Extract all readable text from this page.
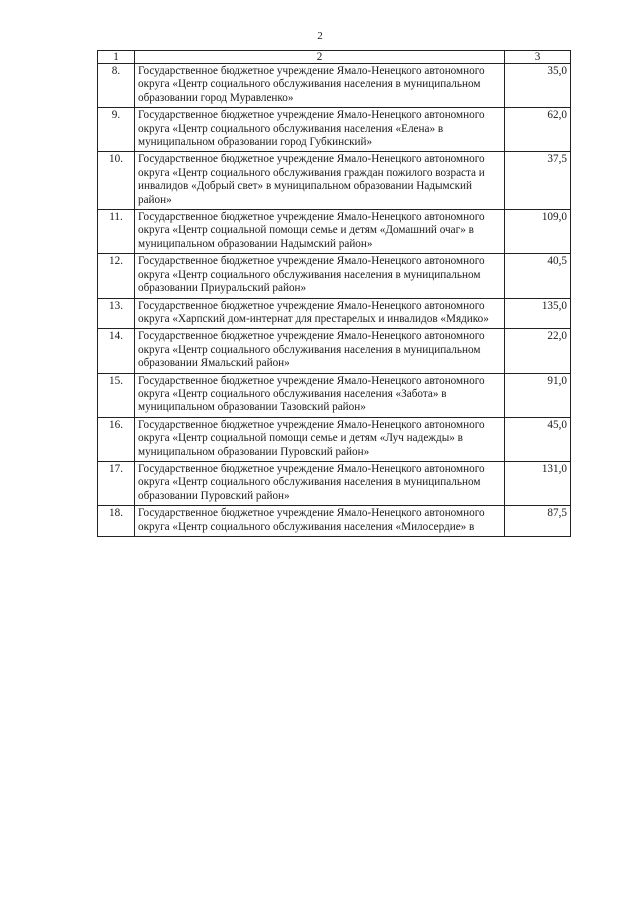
2
1	2	3
8.	Государственное бюджетное учреждение Ямало-Ненецкого автономного округа «Центр социального обслуживания населения в муниципальном образовании город Муравленко»	35,0
9.	Государственное бюджетное учреждение Ямало-Ненецкого автономного округа «Центр социального обслуживания населения «Елена» в муниципальном образовании город Губкинский»	62,0
10.	Государственное бюджетное учреждение Ямало-Ненецкого автономного округа «Центр социального обслуживания граждан пожилого возраста и инвалидов «Добрый свет» в муниципальном образовании Надымский район»	37,5
11.	Государственное бюджетное учреждение Ямало-Ненецкого автономного округа «Центр социальной помощи семье и детям «Домашний очаг» в муниципальном образовании Надымский район»	109,0
12.	Государственное бюджетное учреждение Ямало-Ненецкого автономного округа «Центр социального обслуживания населения в муниципальном образовании Приуральский район»	40,5
13.	Государственное бюджетное учреждение Ямало-Ненецкого автономного округа «Харпский дом-интернат для престарелых и инвалидов «Мядико»	135,0
14.	Государственное бюджетное учреждение Ямало-Ненецкого автономного округа «Центр социального обслуживания населения в муниципальном образовании Ямальский район»	22,0
15.	Государственное бюджетное учреждение Ямало-Ненецкого автономного округа «Центр социального обслуживания населения «Забота» в муниципальном образовании Тазовский район»	91,0
16.	Государственное бюджетное учреждение Ямало-Ненецкого автономного округа «Центр социальной помощи семье и детям «Луч надежды» в муниципальном образовании Пуровский район»	45,0
17.	Государственное бюджетное учреждение Ямало-Ненецкого автономного округа «Центр социального обслуживания населения в муниципальном образовании Пуровский район»	131,0
18.	Государственное бюджетное учреждение Ямало-Ненецкого автономного округа «Центр социального обслуживания населения «Милосердие» в	87,5
